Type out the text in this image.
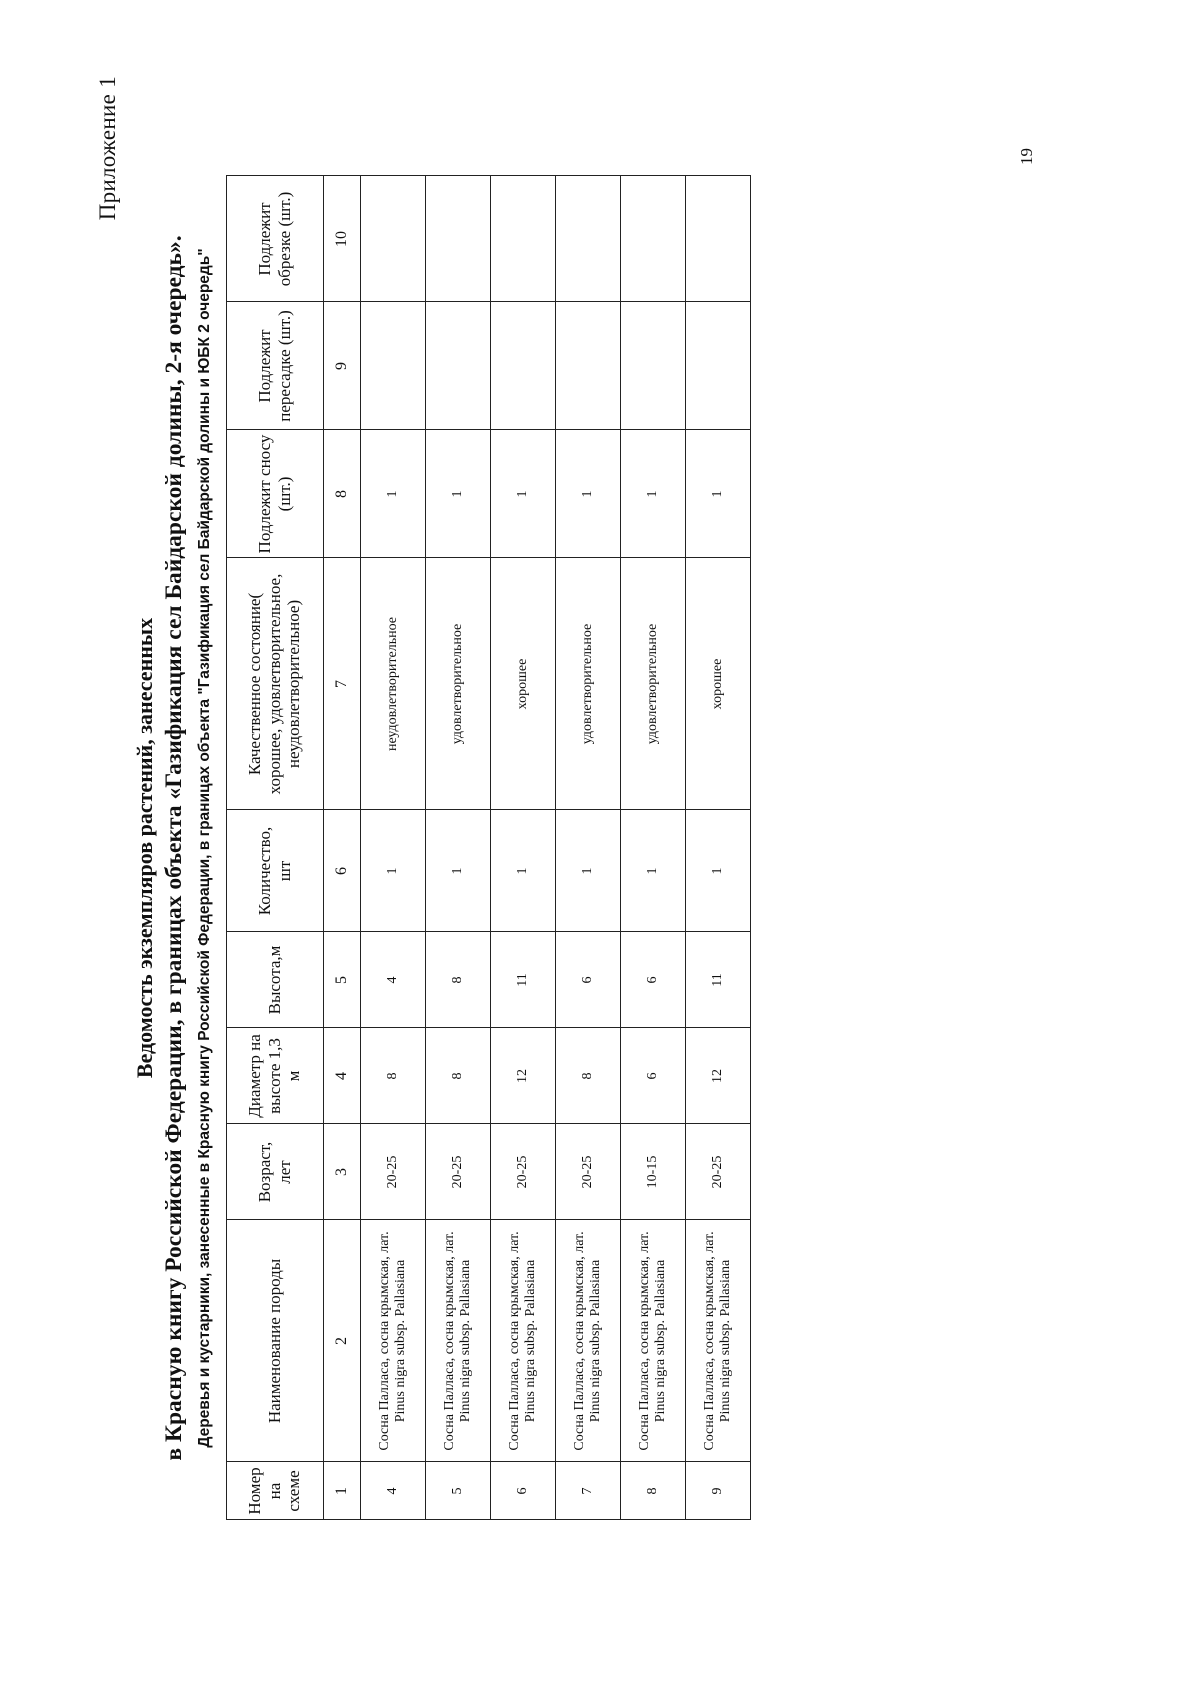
19
Приложение 1
Ведомость экземпляров растений, занесенных в Красную книгу Российской Федерации, в границах объекта «Газификация сел Байдарской долины, 2-я очередь». Деревья и кустарники, занесенные в Красную книгу Российской Федерации, в границах объекта "Газификация сел Байдарской долины и ЮБК 2 очередь"
Номер на схеме	Наименование породы	Возраст, лет	Диаметр на высоте 1,3 м	Высота,м	Количество, шт	Качественное состояние( хорошее, удовлетворительное, неудовлетворительное)	Подлежит сносу (шт.)	Подлежит пересадке (шт.)	Подлежит обрезке (шт.)
1	2	3	4	5	6	7	8	9	10
4	Сосна Палласа, сосна крымская, лат. Pinus nigra subsp. Pallasiana	20-25	8	4	1	неудовлетворительное	1		
5	Сосна Палласа, сосна крымская, лат. Pinus nigra subsp. Pallasiana	20-25	8	8	1	удовлетворительное	1		
6	Сосна Палласа, сосна крымская, лат. Pinus nigra subsp. Pallasiana	20-25	12	11	1	хорошее	1		
7	Сосна Палласа, сосна крымская, лат. Pinus nigra subsp. Pallasiana	20-25	8	6	1	удовлетворительное	1		
8	Сосна Палласа, сосна крымская, лат. Pinus nigra subsp. Pallasiana	10-15	6	6	1	удовлетворительное	1		
9	Сосна Палласа, сосна крымская, лат. Pinus nigra subsp. Pallasiana	20-25	12	11	1	хорошее	1		
